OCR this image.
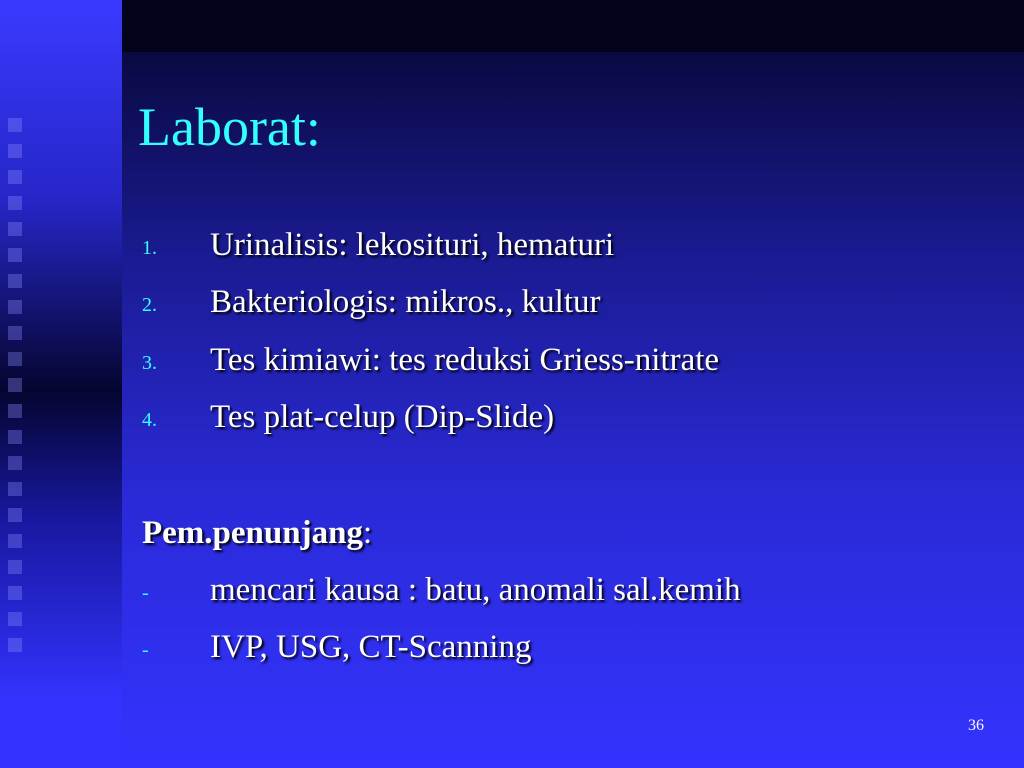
Laborat:
1. Urinalisis: lekosituri, hematuri
2. Bakteriologis: mikros., kultur
3. Tes kimiawi: tes reduksi Griess-nitrate
4. Tes plat-celup (Dip-Slide)
Pem.penunjang:
- mencari kausa : batu, anomali sal.kemih
- IVP, USG, CT-Scanning
36
